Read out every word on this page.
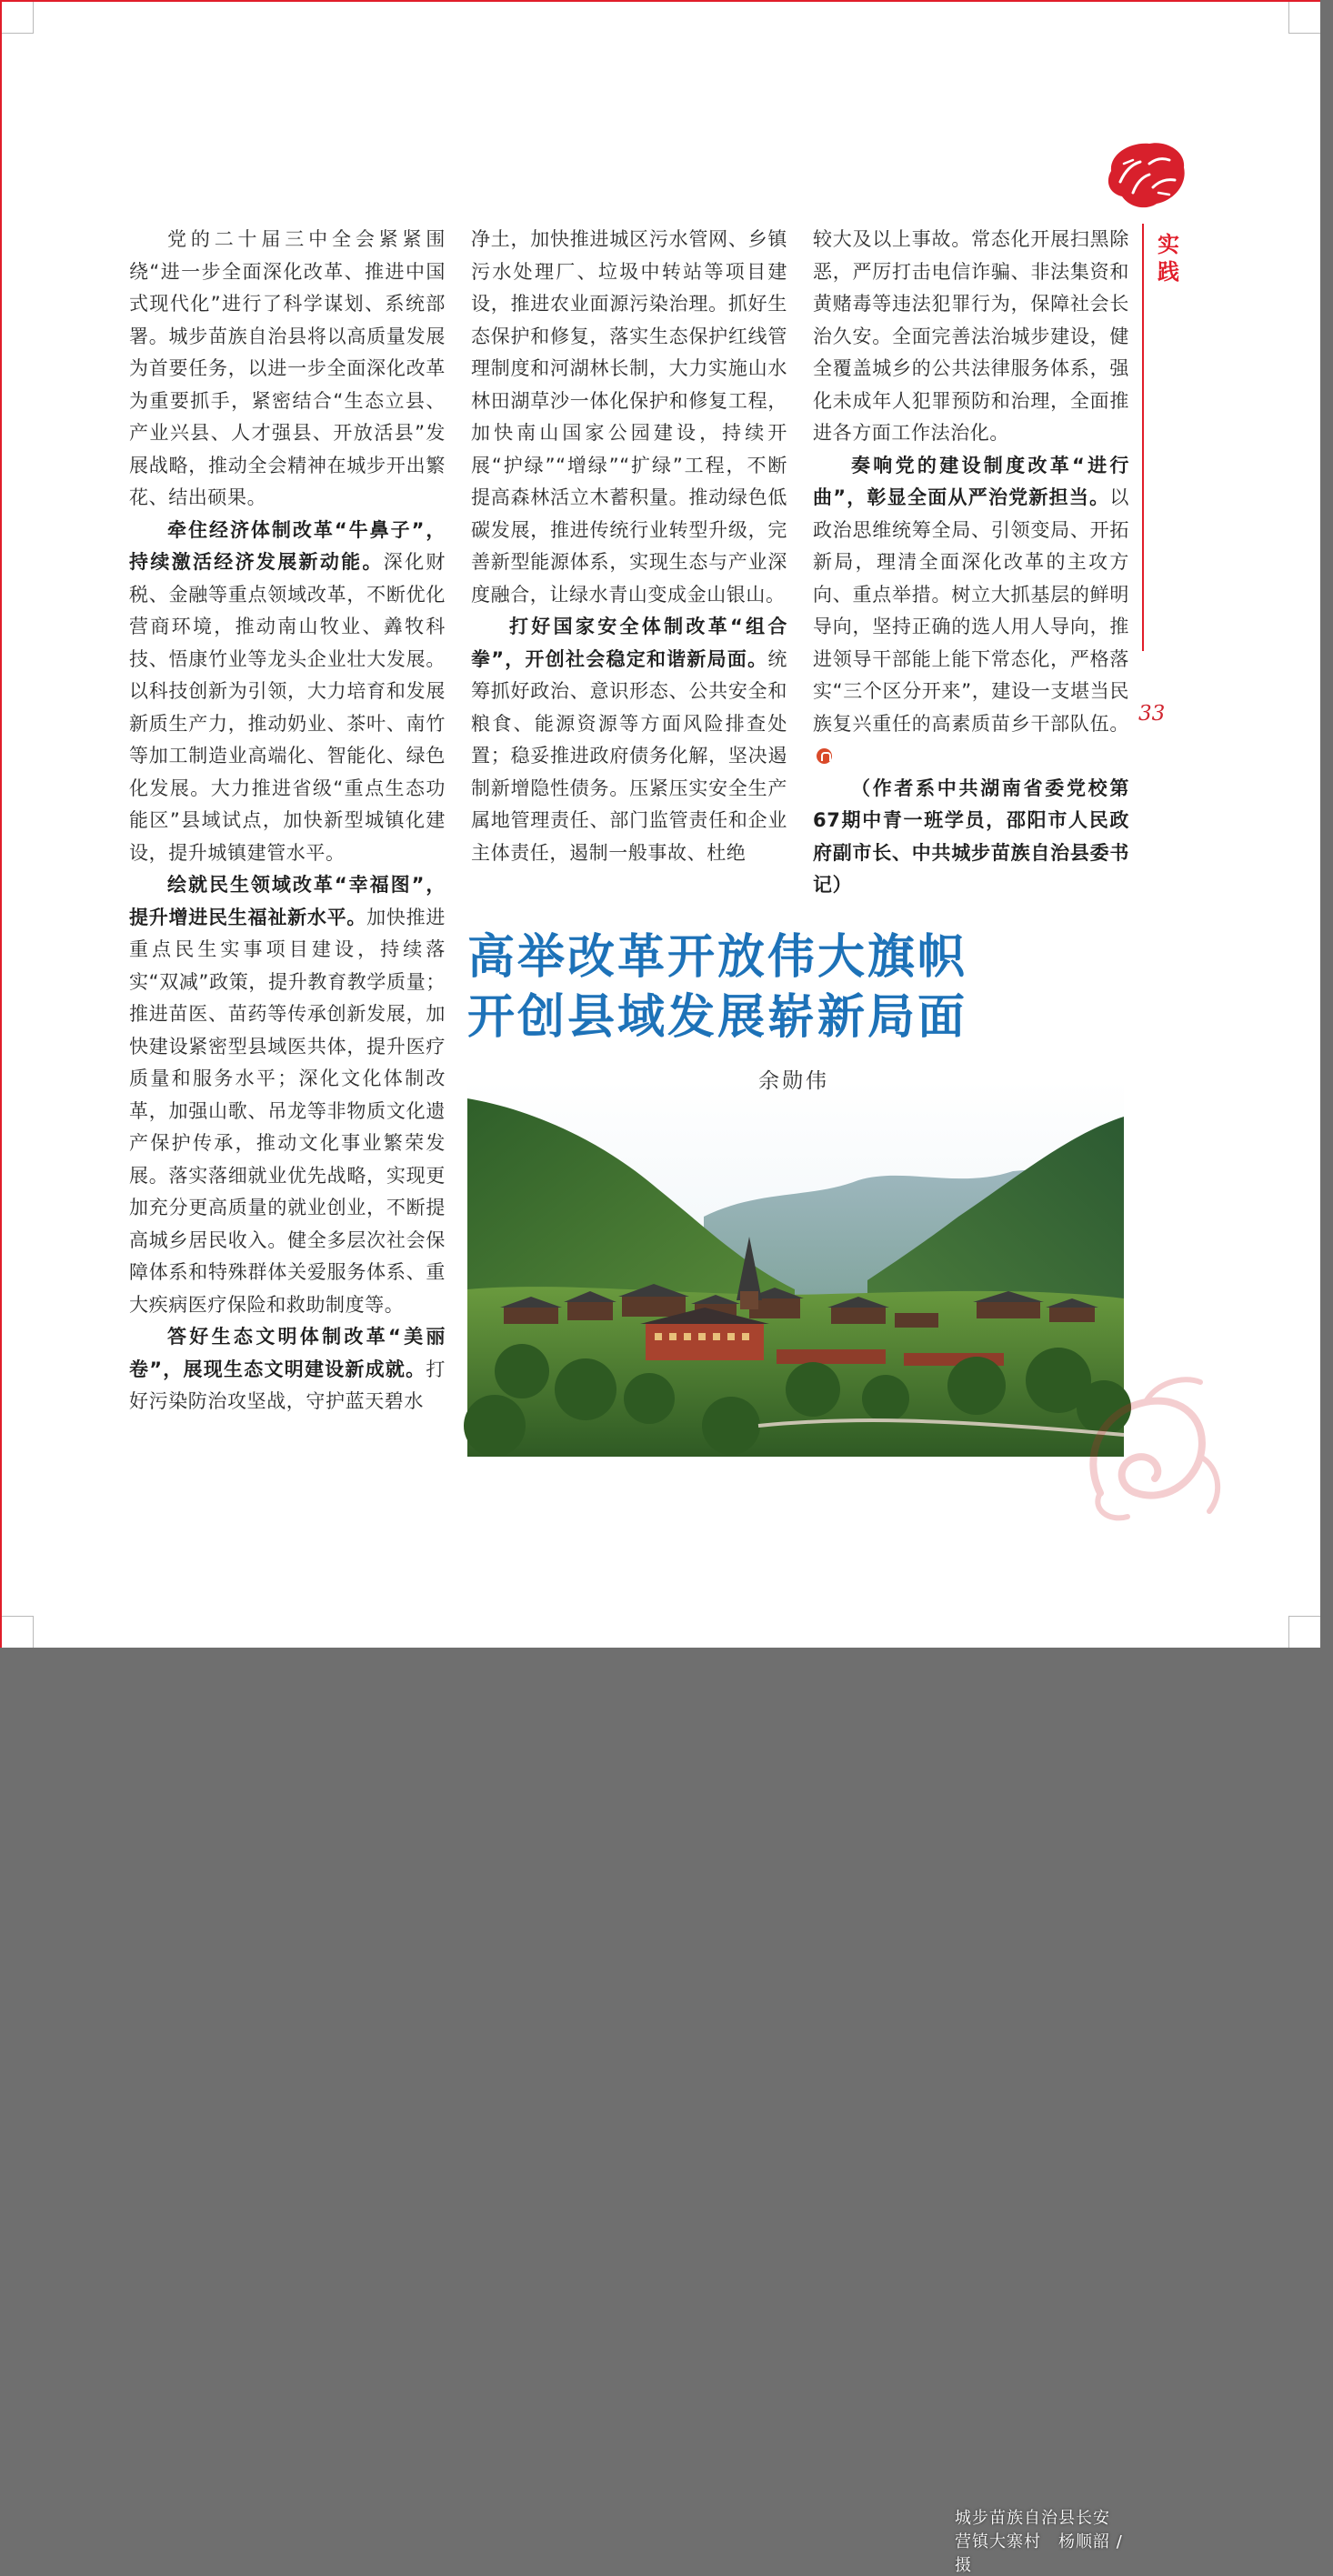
实践
33

党的二十届三中全会紧紧围绕“进一步全面深化改革、推进中国式现代化”进行了科学谋划、系统部署。城步苗族自治县将以高质量发展为首要任务，以进一步全面深化改革为重要抓手，紧密结合“生态立县、产业兴县、人才强县、开放活县”发展战略，推动全会精神在城步开出繁花、结出硕果。

牵住经济体制改革“牛鼻子”，持续激活经济发展新动能。深化财税、金融等重点领域改革，不断优化营商环境，推动南山牧业、羴牧科技、悟康竹业等龙头企业壮大发展。以科技创新为引领，大力培育和发展新质生产力，推动奶业、茶叶、南竹等加工制造业高端化、智能化、绿色化发展。大力推进省级“重点生态功能区”县域试点，加快新型城镇化建设，提升城镇建管水平。

绘就民生领域改革“幸福图”，提升增进民生福祉新水平。加快推进重点民生实事项目建设，持续落实“双减”政策，提升教育教学质量；推进苗医、苗药等传承创新发展，加快建设紧密型县域医共体，提升医疗质量和服务水平；深化文化体制改革，加强山歌、吊龙等非物质文化遗产保护传承，推动文化事业繁荣发展。落实落细就业优先战略，实现更加充分更高质量的就业创业，不断提高城乡居民收入。健全多层次社会保障体系和特殊群体关爱服务体系、重大疾病医疗保险和救助制度等。

答好生态文明体制改革“美丽卷”，展现生态文明建设新成就。打好污染防治攻坚战，守护蓝天碧水

净土，加快推进城区污水管网、乡镇污水处理厂、垃圾中转站等项目建设，推进农业面源污染治理。抓好生态保护和修复，落实生态保护红线管理制度和河湖林长制，大力实施山水林田湖草沙一体化保护和修复工程，加快南山国家公园建设，持续开展“护绿”“增绿”“扩绿”工程，不断提高森林活立木蓄积量。推动绿色低碳发展，推进传统行业转型升级，完善新型能源体系，实现生态与产业深度融合，让绿水青山变成金山银山。

打好国家安全体制改革“组合拳”，开创社会稳定和谐新局面。统筹抓好政治、意识形态、公共安全和粮食、能源资源等方面风险排查处置；稳妥推进政府债务化解，坚决遏制新增隐性债务。压紧压实安全生产属地管理责任、部门监管责任和企业主体责任，遏制一般事故、杜绝

较大及以上事故。常态化开展扫黑除恶，严厉打击电信诈骗、非法集资和黄赌毒等违法犯罪行为，保障社会长治久安。全面完善法治城步建设，健全覆盖城乡的公共法律服务体系，强化未成年人犯罪预防和治理，全面推进各方面工作法治化。

奏响党的建设制度改革“进行曲”，彰显全面从严治党新担当。以政治思维统筹全局、引领变局、开拓新局，理清全面深化改革的主攻方向、重点举措。树立大抓基层的鲜明导向，坚持正确的选人用人导向，推进领导干部能上能下常态化，严格落实“三个区分开来”，建设一支堪当民族复兴重任的高素质苗乡干部队伍。

（作者系中共湖南省委党校第67期中青一班学员，邵阳市人民政府副市长、中共城步苗族自治县委书记）

高举改革开放伟大旗帜
开创县域发展崭新局面
城步苗族自治县长安营镇大寨村　杨顺韶 / 摄
余勋伟
